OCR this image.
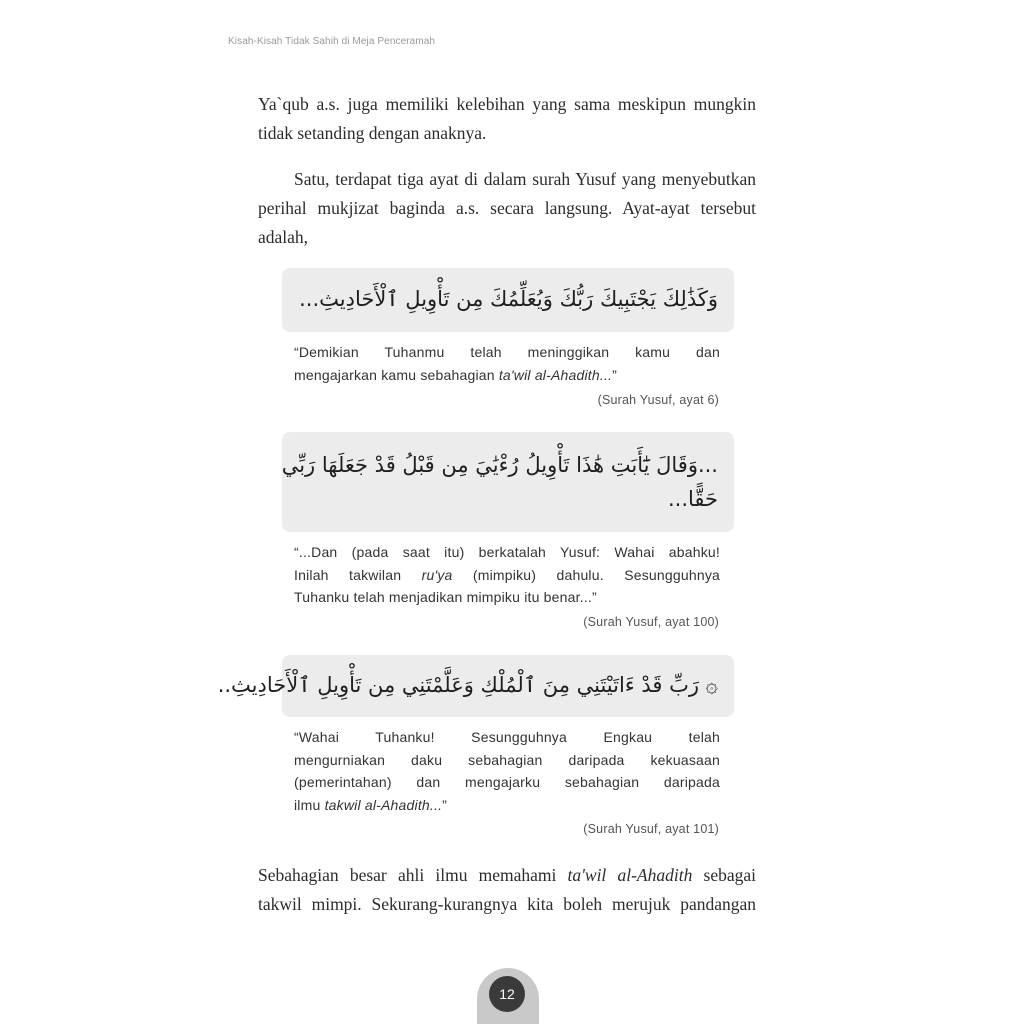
Kisah-Kisah Tidak Sahih di Meja Penceramah

Ya`qub a.s. juga memiliki kelebihan yang sama meskipun mungkin
tidak setanding dengan anaknya.

Satu, terdapat tiga ayat di dalam surah Yusuf yang menyebutkan
perihal mukjizat baginda a.s. secara langsung. Ayat-ayat tersebut
adalah,

وَكَذَٰلِكَ يَجْتَبِيكَ رَبُّكَ وَيُعَلِّمُكَ مِن تَأْوِيلِ ٱلْأَحَادِيثِ...
“Demikian Tuhanmu telah meninggikan kamu dan
mengajarkan kamu sebahagian ta'wil al-Ahadith...”
(Surah Yusuf, ayat 6)
...وَقَالَ يَٰٓأَبَتِ هَٰذَا تَأْوِيلُ رُءْيَٰيَ مِن قَبْلُ قَدْ جَعَلَهَا رَبِّي
حَقًّا...
“...Dan (pada saat itu) berkatalah Yusuf: Wahai abahku!
Inilah takwilan ru'ya (mimpiku) dahulu. Sesungguhnya
Tuhanku telah menjadikan mimpiku itu benar...”
(Surah Yusuf, ayat 100)
۞ رَبِّ قَدْ ءَاتَيْتَنِي مِنَ ٱلْمُلْكِ وَعَلَّمْتَنِي مِن تَأْوِيلِ ٱلْأَحَادِيثِ..
“Wahai Tuhanku! Sesungguhnya Engkau telah
mengurniakan daku sebahagian daripada kekuasaan
(pemerintahan) dan mengajarku sebahagian daripada
ilmu takwil al-Ahadith...”
(Surah Yusuf, ayat 101)

Sebahagian besar ahli ilmu memahami ta'wil al-Ahadith sebagai
takwil mimpi. Sekurang-kurangnya kita boleh merujuk pandangan

12
